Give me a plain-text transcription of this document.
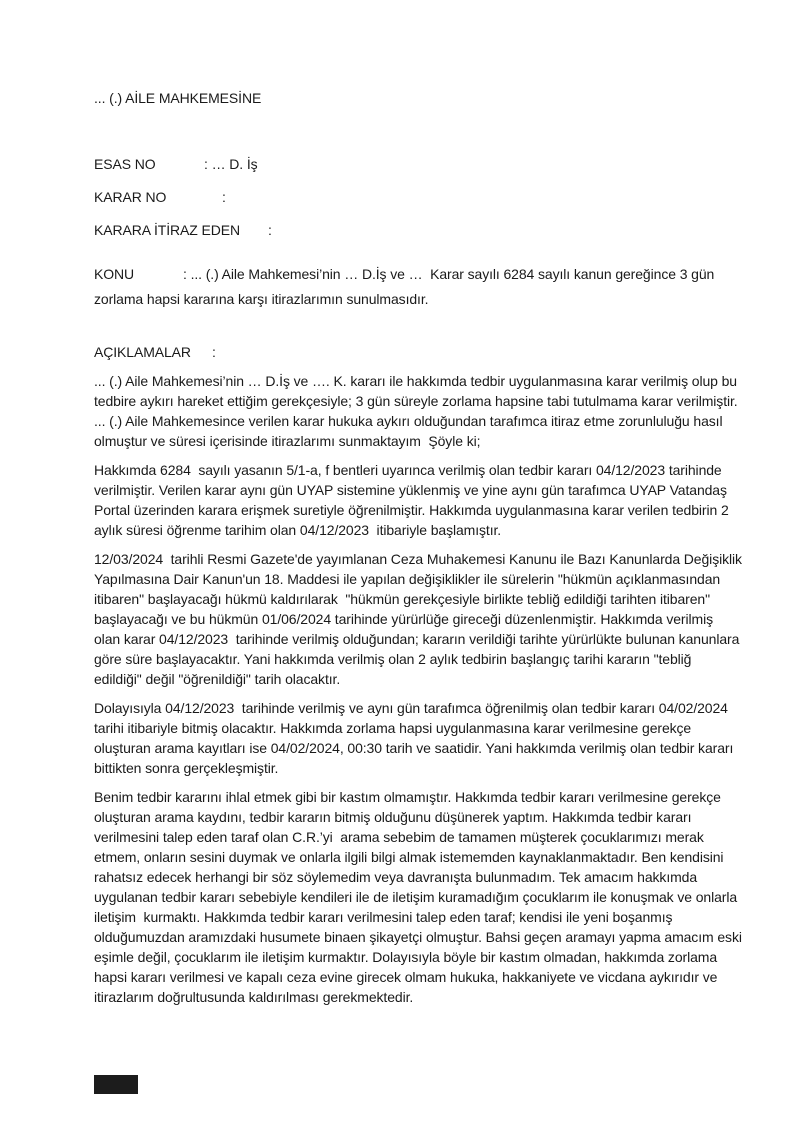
... (.) AİLE MAHKEMESİNE
ESAS NO	: … D. İş
KARAR NO	:
KARARA İTİRAZ EDEN :
KONU	: ... (.) Aile Mahkemesi’nin … D.İş ve …  Karar sayılı 6284 sayılı kanun gereğince 3 gün zorlama hapsi kararına karşı itirazlarımın sunulmasıdır.
AÇIKLAMALAR :

... (.) Aile Mahkemesi’nin … D.İş ve …. K. kararı ile hakkımda tedbir uygulanmasına karar verilmiş olup bu tedbire aykırı hareket ettiğim gerekçesiyle; 3 gün süreyle zorlama hapsine tabi tutulmama karar verilmiştir. ... (.) Aile Mahkemesince verilen karar hukuka aykırı olduğundan tarafımca itiraz etme zorunluluğu hasıl olmuştur ve süresi içerisinde itirazlarımı sunmaktayım  Şöyle ki;

Hakkımda 6284  sayılı yasanın 5/1-a, f bentleri uyarınca verilmiş olan tedbir kararı 04/12/2023 tarihinde verilmiştir. Verilen karar aynı gün UYAP sistemine yüklenmiş ve yine aynı gün tarafımca UYAP Vatandaş Portal üzerinden karara erişmek suretiyle öğrenilmiştir. Hakkımda uygulanmasına karar verilen tedbirin 2 aylık süresi öğrenme tarihim olan 04/12/2023  itibariyle başlamıştır.

12/03/2024  tarihli Resmi Gazete'de yayımlanan Ceza Muhakemesi Kanunu ile Bazı Kanunlarda Değişiklik Yapılmasına Dair Kanun'un 18. Maddesi ile yapılan değişiklikler ile sürelerin "hükmün açıklanmasından itibaren" başlayacağı hükmü kaldırılarak  "hükmün gerekçesiyle birlikte tebliğ edildiği tarihten itibaren" başlayacağı ve bu hükmün 01/06/2024 tarihinde yürürlüğe gireceği düzenlenmiştir. Hakkımda verilmiş olan karar 04/12/2023  tarihinde verilmiş olduğundan; kararın verildiği tarihte yürürlükte bulunan kanunlara göre süre başlayacaktır. Yani hakkımda verilmiş olan 2 aylık tedbirin başlangıç tarihi kararın "tebliğ edildiği" değil "öğrenildiği" tarih olacaktır.

Dolayısıyla 04/12/2023  tarihinde verilmiş ve aynı gün tarafımca öğrenilmiş olan tedbir kararı 04/02/2024  tarihi itibariyle bitmiş olacaktır. Hakkımda zorlama hapsi uygulanmasına karar verilmesine gerekçe oluşturan arama kayıtları ise 04/02/2024, 00:30 tarih ve saatidir. Yani hakkımda verilmiş olan tedbir kararı bittikten sonra gerçekleşmiştir.

Benim tedbir kararını ihlal etmek gibi bir kastım olmamıştır. Hakkımda tedbir kararı verilmesine gerekçe oluşturan arama kaydını, tedbir kararın bitmiş olduğunu düşünerek yaptım. Hakkımda tedbir kararı verilmesini talep eden taraf olan C.R.’yi  arama sebebim de tamamen müşterek çocuklarımızı merak etmem, onların sesini duymak ve onlarla ilgili bilgi almak istememden kaynaklanmaktadır. Ben kendisini rahatsız edecek herhangi bir söz söylemedim veya davranışta bulunmadım. Tek amacım hakkımda uygulanan tedbir kararı sebebiyle kendileri ile de iletişim kuramadığım çocuklarım ile konuşmak ve onlarla iletişim  kurmaktı. Hakkımda tedbir kararı verilmesini talep eden taraf; kendisi ile yeni boşanmış olduğumuzdan aramızdaki husumete binaen şikayetçi olmuştur. Bahsi geçen aramayı yapma amacım eski eşimle değil, çocuklarım ile iletişim kurmaktır. Dolayısıyla böyle bir kastım olmadan, hakkımda zorlama hapsi kararı verilmesi ve kapalı ceza evine girecek olmam hukuka, hakkaniyete ve vicdana aykırıdır ve itirazlarım doğrultusunda kaldırılması gerekmektedir.
